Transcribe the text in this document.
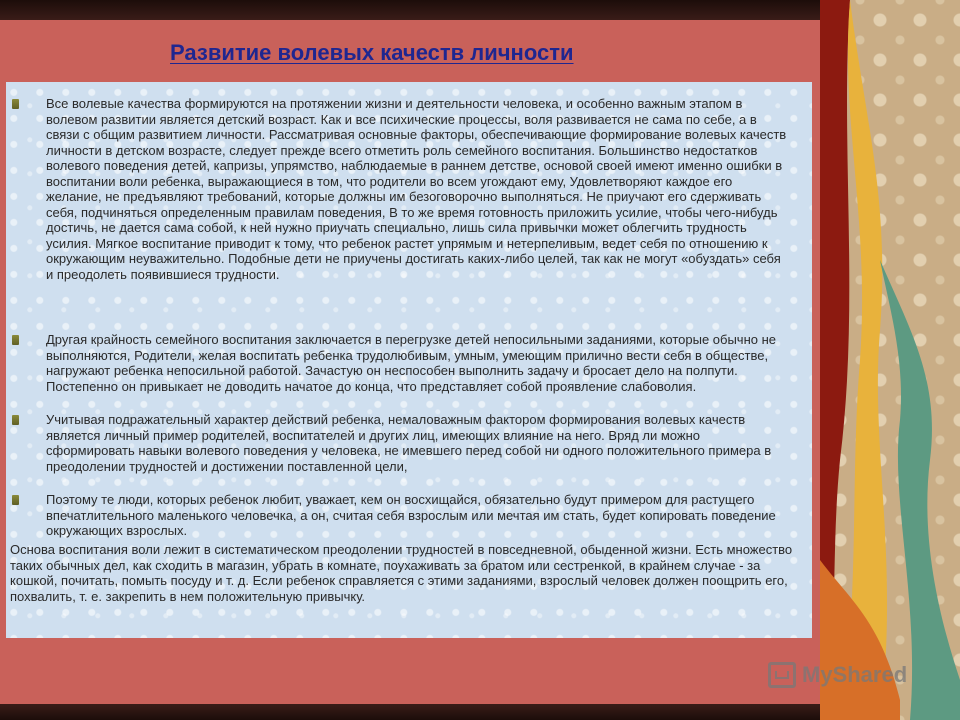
Развитие волевых качеств личности

Все волевые качества формируются на протяжении жизни и деятельности человека, и особенно важным этапом в волевом развитии является детский возраст. Как и все психические процессы, воля развивается не сама по себе, а в связи с общим развитием личности. Рассматривая основные факторы, обеспечивающие формирование волевых качеств личности в детском возрасте, следует прежде всего отметить роль семейного воспитания. Большинство недостатков волевого поведения детей, капризы, упрямство, наблюдаемые в раннем детстве, основой своей имеют именно ошибки в воспитании воли ребенка, выражающиеся в том, что родители во всем угождают ему, Удовлетворяют каждое его желание, не предъявляют требований, которые должны им безоговорочно выполняться. Не приучают его сдерживать себя, подчиняться определенным правилам поведения, В то же время готовность приложить усилие, чтобы чего-нибудь достичь, не дается сама собой, к ней нужно приучать специально, лишь сила привычки может облегчить трудность усилия. Мягкое воспитание приводит к тому, что ребенок растет упрямым и нетерпеливым, ведет себя по отношению к окружающим неуважительно. Подобные дети не приучены достигать каких-либо целей, так как не могут «обуздать» себя и преодолеть появившиеся трудности.

Другая крайность семейного воспитания заключается в перегрузке детей непосильными заданиями, которые обычно не выполняются, Родители, желая воспитать ребенка трудолюбивым, умным, умеющим прилично вести себя в обществе, нагружают ребенка непосильной работой. Зачастую он неспособен выполнить задачу и бросает дело на полпути. Постепенно он привыкает не доводить начатое до конца, что представляет собой проявление слабоволия.

Учитывая подражательный характер действий ребенка, немаловажным фактором формирования волевых качеств является личный пример родителей, воспитателей и других лиц, имеющих влияние на него. Вряд ли можно сформировать навыки волевого поведения у человека, не имевшего перед собой ни одного положительного примера в преодолении трудностей и достижении поставленной цели,

Поэтому те люди, которых ребенок любит, уважает, кем он восхищайся, обязательно будут примером для растущего впечатлительного маленького человечка, а он, считая себя взрослым или мечтая им стать, будет копировать поведение окружающих взрослых.

Основа воспитания воли лежит в систематическом преодолении трудностей в повседневной, обыденной жизни. Есть множество таких обычных дел, как сходить в магазин, убрать в комнате, поухаживать за братом или сестренкой, в крайнем случае - за кошкой, почитать, помыть посуду и т. д. Если ребенок справляется с этими заданиями, взрослый человек должен поощрить его, похвалить, т. е. закрепить в нем положительную привычку.

MyShared
